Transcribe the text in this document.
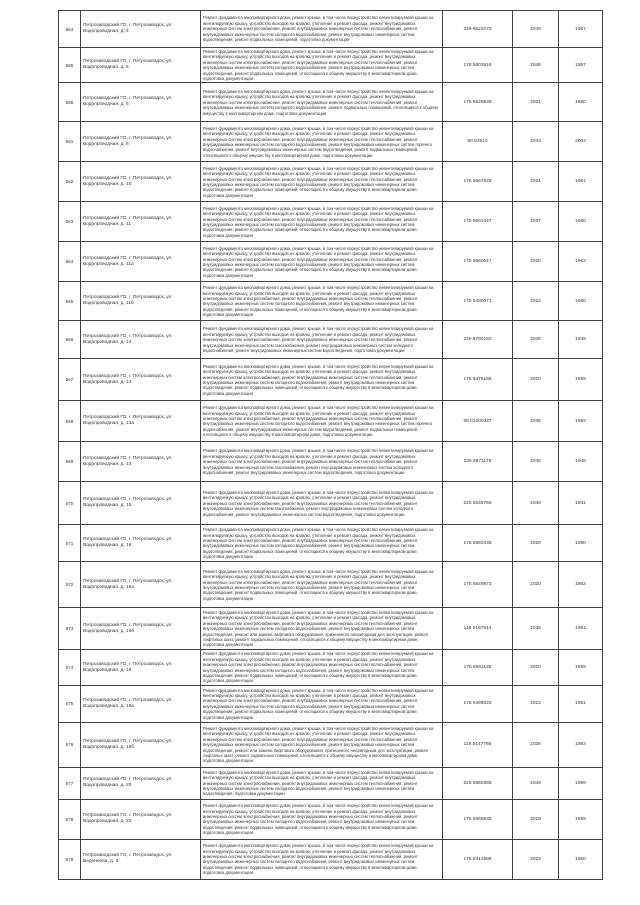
564	Петрозаводский ГО, г. Петрозаводск, ул. Водопроводная, д. 4	Ремонт фундамента многоквартирного дома, ремонт крыши, в том числе переустройство невентилируемой крыши на вентилируемую крышу, устройство выходов на кровлю, утепление и ремонт фасада, ремонт внутридомовых инженерных систем электроснабжения, ремонт внутридомовых инженерных систем теплоснабжения, ремонт внутридомовых инженерных систем холодного водоснабжения, ремонт внутридомовых инженерных систем водоотведения, ремонт подвальных помещений, подготовка документации	226 6522073	2049	1957
565	Петрозаводский ГО, г. Петрозаводск, ул. Водопроводная, д. 6	Ремонт фундамента многоквартирного дома, ремонт крыши, в том числе переустройство невентилируемой крыши на вентилируемую крышу, устройство выходов на кровлю, утепление и ремонт фасада, ремонт внутридомовых инженерных систем электроснабжения, ремонт внутридомовых инженерных систем теплоснабжения, ремонт внутридомовых инженерных систем холодного водоснабжения, ремонт внутридомовых инженерных систем водоотведения, ремонт подвальных помещений, относящихся к общему имуществу в многоквартирном доме, подготовка документации	175 5603918	2048	1957
566	Петрозаводский ГО, г. Петрозаводск, ул. Водопроводная, д. 5	Ремонт фундамента многоквартирного дома, ремонт крыши, в том числе переустройство невентилируемой крыши на вентилируемую крышу, устройство выходов на кровлю, утепление и ремонт фасада, ремонт внутридомовых инженерных систем электроснабжения, ремонт внутридомовых инженерных систем теплоснабжения, ремонт внутридомовых инженерных систем холодного водоснабжения, ремонт подвальных помещений, относящихся к общему имуществу в многоквартирном доме, подготовка документации	175 5529838	2021	1960
561	Петрозаводский ГО, г. Петрозаводск, ул. Водопроводная, д. 8	Ремонт фундамента многоквартирного дома, ремонт крыши, в том числе переустройство невентилируемой крыши на вентилируемую крышу, устройство выходов на кровлю, утепление и ремонт фасада, ремонт внутридомовых инженерных систем электроснабжения, ремонт внутридомовых инженерных систем теплоснабжения, ремонт внутридомовых инженерных систем холодного водоснабжения, ремонт внутридомовых инженерных систем горячего водоснабжения, ремонт внутридомовых инженерных систем водоотведения, ремонт подвальных помещений, относящихся к общему имуществу в многоквартирном доме, подготовка документации	50 52513	2043	2003
562	Петрозаводский ГО, г. Петрозаводск, ул. Водопроводная, д. 10	Ремонт фундамента многоквартирного дома, ремонт крыши, в том числе переустройство невентилируемой крыши на вентилируемую крышу, устройство выходов на кровлю, утепление и ремонт фасада, ремонт внутридомовых инженерных систем электроснабжения, ремонт внутридомовых инженерных систем теплоснабжения, ремонт внутридомовых инженерных систем холодного водоснабжения, ремонт внутридомовых инженерных систем водоотведения, ремонт подвальных помещений, относящихся к общему имуществу в многоквартирном доме, подготовка документации	176 6567628	2021	1961
563	Петрозаводский ГО, г. Петрозаводск, ул. Водопроводная, д. 11	Ремонт фундамента многоквартирного дома, ремонт крыши, в том числе переустройство невентилируемой крыши на вентилируемую крышу, устройство выходов на кровлю, утепление и ремонт фасада, ремонт внутридомовых инженерных систем электроснабжения, ремонт внутридомовых инженерных систем теплоснабжения, ремонт внутридомовых инженерных систем холодного водоснабжения, ремонт внутридомовых инженерных систем водоотведения, ремонт подвальных помещений, относящихся к общему имуществу в многоквартирном доме, подготовка документации	175 5501447	2037	1960
564	Петрозаводский ГО, г. Петрозаводск, ул. Водопроводная, д. 11а	Ремонт фундамента многоквартирного дома, ремонт крыши, в том числе переустройство невентилируемой крыши на вентилируемую крышу, устройство выходов на кровлю, утепление и ремонт фасада, ремонт внутридомовых инженерных систем электроснабжения, ремонт внутридомовых инженерных систем теплоснабжения, ремонт внутридомовых инженерных систем холодного водоснабжения, ремонт внутридомовых инженерных систем водоотведения, ремонт подвальных помещений, относящихся к общему имуществу в многоквартирном доме, подготовка документации	175 5560517	2020	1963
565	Петрозаводский ГО, г. Петрозаводск, ул. Водопроводная, д. 11б	Ремонт фундамента многоквартирного дома, ремонт крыши, в том числе переустройство невентилируемой крыши на вентилируемую крышу, устройство выходов на кровлю, утепление и ремонт фасада, ремонт внутридомовых инженерных систем электроснабжения, ремонт внутридомовых инженерных систем теплоснабжения, ремонт внутридомовых инженерных систем холодного водоснабжения, ремонт внутридомовых инженерных систем водоотведения, ремонт подвальных помещений, относящихся к общему имуществу в многоквартирном доме, подготовка документации	175 5480071	2022	1960
566	Петрозаводский ГО, г. Петрозаводск, ул. Водопроводная, д. 12	Ремонт фундамента многоквартирного дома, ремонт крыши, в том числе переустройство невентилируемой крыши на вентилируемую крышу, устройство выходов на кровлю, утепление и ремонт фасада, ремонт внутридомовых инженерных систем электроснабжения, ремонт внутридомовых инженерных систем теплоснабжения, ремонт внутридомовых инженерных систем газоснабжения, ремонт внутридомовых инженерных систем холодного водоснабжения, ремонт внутридомовых инженерных систем водоотведения, подготовка документации	226 6780150	2049	1949
567	Петрозаводский ГО, г. Петрозаводск, ул. Водопроводная, д. 13	Ремонт фундамента многоквартирного дома, ремонт крыши, в том числе переустройство невентилируемой крыши на вентилируемую крышу, устройство выходов на кровлю, утепление и ремонт фасада, ремонт внутридомовых инженерных систем электроснабжения, ремонт внутридомовых инженерных систем теплоснабжения, ремонт внутридомовых инженерных систем холодного водоснабжения, ремонт внутридомовых инженерных систем водоотведения, ремонт подвальных помещений, относящихся к общему имуществу в многоквартирном доме, подготовка документации	175 5475155	2020	1959
568	Петрозаводский ГО, г. Петрозаводск, ул. Водопроводная, д. 13а	Ремонт фундамента многоквартирного дома, ремонт крыши, в том числе переустройство невентилируемой крыши на вентилируемую крышу, устройство выходов на кровлю, утепление и ремонт фасада, ремонт внутридомовых инженерных систем электроснабжения, ремонт внутридомовых инженерных систем теплоснабжения, ремонт внутридомовых инженерных систем холодного водоснабжения, ремонт внутридомовых инженерных систем горячего водоснабжения, ремонт внутридомовых инженерных систем водоотведения, ремонт подвальных помещений, относящихся к общему имуществу в многоквартирном доме, подготовка документации	65 01000337	2045	1993
569	Петрозаводский ГО, г. Петрозаводск, ул. Водопроводная, д. 14	Ремонт фундамента многоквартирного дома, ремонт крыши, в том числе переустройство невентилируемой крыши на вентилируемую крышу, устройство выходов на кровлю, утепление и ремонт фасада, ремонт внутридомовых инженерных систем электроснабжения, ремонт внутридомовых инженерных систем теплоснабжения, ремонт внутридомовых инженерных систем газоснабжения, ремонт внутридомовых инженерных систем холодного водоснабжения, ремонт внутридомовых инженерных систем водоотведения, подготовка документации	225 6871178	2048	1948
570	Петрозаводский ГО, г. Петрозаводск, ул. Водопроводная, д. 15	Ремонт фундамента многоквартирного дома, ремонт крыши, в том числе переустройство невентилируемой крыши на вентилируемую крышу, устройство выходов на кровлю, утепление и ремонт фасада, ремонт внутридомовых инженерных систем электроснабжения, ремонт внутридомовых инженерных систем теплоснабжения, ремонт внутридомовых инженерных систем газоснабжения, ремонт внутридомовых инженерных систем холодного водоснабжения, ремонт внутридомовых инженерных систем водоотведения, подготовка документации	225 6549769	2048	1941
571	Петрозаводский ГО, г. Петрозаводск, ул. Водопроводная, д. 16	Ремонт фундамента многоквартирного дома, ремонт крыши, в том числе переустройство невентилируемой крыши на вентилируемую крышу, устройство выходов на кровлю, утепление и ремонт фасада, ремонт внутридомовых инженерных систем электроснабжения, ремонт внутридомовых инженерных систем теплоснабжения, ремонт внутридомовых инженерных систем холодного водоснабжения, ремонт внутридомовых инженерных систем водоотведения, ремонт подвальных помещений, относящихся к общему имуществу в многоквартирном доме, подготовка документации	175 5550435	2020	1960
572	Петрозаводский ГО, г. Петрозаводск, ул. Водопроводная, д. 16а	Ремонт фундамента многоквартирного дома, ремонт крыши, в том числе переустройство невентилируемой крыши на вентилируемую крышу, устройство выходов на кровлю, утепление и ремонт фасада, ремонт внутридомовых инженерных систем электроснабжения, ремонт внутридомовых инженерных систем теплоснабжения, ремонт внутридомовых инженерных систем холодного водоснабжения, ремонт внутридомовых инженерных систем водоотведения, ремонт подвальных помещений, относящихся к общему имуществу в многоквартирном доме, подготовка документации	175 5549873	2020	1962
573	Петрозаводский ГО, г. Петрозаводск, ул. Водопроводная, д. 16б	Ремонт фундамента многоквартирного дома, ремонт крыши, в том числе переустройство невентилируемой крыши на вентилируемую крышу, устройство выходов на кровлю, утепление и ремонт фасада, ремонт внутридомовых инженерных систем электроснабжения, ремонт внутридомовых инженерных систем теплоснабжения, ремонт внутридомовых инженерных систем холодного водоснабжения, ремонт внутридомовых инженерных систем водоотведения, ремонт или замена лифтового оборудования, признанного непригодным для эксплуатации, ремонт лифтовых шахт, ремонт подвальных помещений, относящихся к общему имуществу в многоквартирном доме, подготовка документации	116 5157914	2036	1991
574	Петрозаводский ГО, г. Петрозаводск, ул. Водопроводная, д. 18	Ремонт фундамента многоквартирного дома, ремонт крыши, в том числе переустройство невентилируемой крыши на вентилируемую крышу, устройство выходов на кровлю, утепление и ремонт фасада, ремонт внутридомовых инженерных систем электроснабжения, ремонт внутридомовых инженерных систем теплоснабжения, ремонт внутридомовых инженерных систем холодного водоснабжения, ремонт внутридомовых инженерных систем водоотведения, ремонт подвальных помещений, относящихся к общему имуществу в многоквартирном доме, подготовка документации	176 6561135	2020	1959
575	Петрозаводский ГО, г. Петрозаводск, ул. Водопроводная, д. 18а	Ремонт фундамента многоквартирного дома, ремонт крыши, в том числе переустройство невентилируемой крыши на вентилируемую крышу, устройство выходов на кровлю, утепление и ремонт фасада, ремонт внутридомовых инженерных систем электроснабжения, ремонт внутридомовых инженерных систем теплоснабжения, ремонт внутридомовых инженерных систем холодного водоснабжения, ремонт внутридомовых инженерных систем водоотведения, ремонт подвальных помещений, относящихся к общему имуществу в многоквартирном доме, подготовка документации	175 5495025	2023	1961
576	Петрозаводский ГО, г. Петрозаводск, ул. Водопроводная, д. 18б	Ремонт фундамента многоквартирного дома, ремонт крыши, в том числе переустройство невентилируемой крыши на вентилируемую крышу, устройство выходов на кровлю, утепление и ремонт фасада, ремонт внутридомовых инженерных систем электроснабжения, ремонт внутридомовых инженерных систем теплоснабжения, ремонт внутридомовых инженерных систем холодного водоснабжения, ремонт внутридомовых инженерных систем водоотведения, ремонт или замена лифтового оборудования, признанного непригодным для эксплуатации, ремонт лифтовых шахт, ремонт подвальных помещений, относящихся к общему имуществу в многоквартирном доме, подготовка документации	116 5147766	2036	1993
577	Петрозаводский ГО, г. Петрозаводск, ул. Водопроводная, д. 20	Ремонт фундамента многоквартирного дома, ремонт крыши, в том числе переустройство невентилируемой крыши на вентилируемую крышу, устройство выходов на кровлю, утепление и ремонт фасада, ремонт внутридомовых инженерных систем электроснабжения, ремонт внутридомовых инженерных систем теплоснабжения, ремонт внутридомовых инженерных систем холодного водоснабжения, ремонт внутридомовых инженерных систем водоотведения, подготовка документации	226 6660385	2049	1959
578	Петрозаводский ГО, г. Петрозаводск, ул. Водопроводная, д. 22	Ремонт фундамента многоквартирного дома, ремонт крыши, в том числе переустройство невентилируемой крыши на вентилируемую крышу, устройство выходов на кровлю, утепление и ремонт фасада, ремонт внутридомовых инженерных систем электроснабжения, ремонт внутридомовых инженерных систем теплоснабжения, ремонт внутридомовых инженерных систем холодного водоснабжения, ремонт внутридомовых инженерных систем водоотведения, ремонт подвальных помещений, относящихся к общему имуществу в многоквартирном доме, подготовка документации	176 6569535	2019	1959
579	Петрозаводский ГО, г. Петрозаводск, ул. Веденеева, д. 3	Ремонт фундамента многоквартирного дома, ремонт крыши, в том числе переустройство невентилируемой крыши на вентилируемую крышу, устройство выходов на кровлю, утепление и ремонт фасада, ремонт внутридомовых инженерных систем электроснабжения, ремонт внутридомовых инженерных систем теплоснабжения, ремонт внутридомовых инженерных систем холодного водоснабжения, ремонт внутридомовых инженерных систем водоотведения, ремонт подвальных помещений, относящихся к общему имуществу в многоквартирном доме, подготовка документации	175 5412598	2023	1960
